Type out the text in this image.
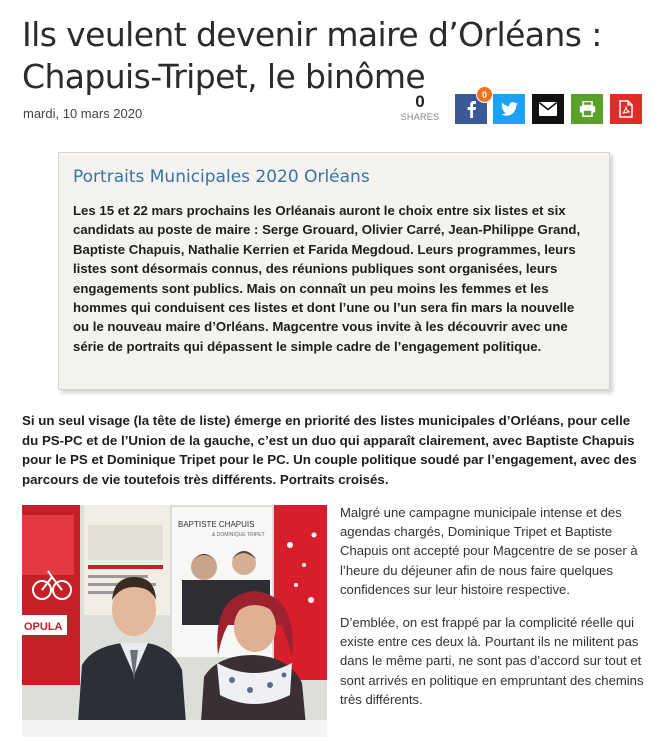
Ils veulent devenir maire d’Orléans : Chapuis-Tripet, le binôme
mardi, 10 mars 2020
0
SHARES
0
Portraits Municipales 2020 Orléans
Les 15 et 22 mars prochains les Orléanais auront le choix entre six listes et six candidats au poste de maire : Serge Grouard, Olivier Carré, Jean-Philippe Grand, Baptiste Chapuis, Nathalie Kerrien et Farida Megdoud. Leurs programmes, leurs listes sont désormais connus, des réunions publiques sont organisées, leurs engagements sont publics. Mais on connaît un peu moins les femmes et les hommes qui conduisent ces listes et dont l’une ou l’un sera fin mars la nouvelle ou le nouveau maire d’Orléans. Magcentre vous invite à les découvrir avec une série de portraits qui dépassent le simple cadre de l’engagement politique.
Si un seul visage (la tête de liste) émerge en priorité des listes municipales d’Orléans, pour celle du PS-PC et de l’Union de la gauche, c’est un duo qui apparaît clairement, avec Baptiste Chapuis pour le PS et Dominique Tripet pour le PC. Un couple politique soudé par l’engagement, avec des parcours de vie toutefois très différents. Portraits croisés.
OPULA
BAPTISTE CHAPUIS
& DOMINIQUE TRIPET

Malgré une campagne municipale intense et des agendas chargés, Dominique Tripet et Baptiste Chapuis ont accepté pour Magcentre de se poser à l’heure du déjeuner afin de nous faire quelques confidences sur leur histoire respective.

D’emblée, on est frappé par la complicité réelle qui existe entre ces deux là. Pourtant ils ne militent pas dans le même parti, ne sont pas d’accord sur tout et sont arrivés en politique en empruntant des chemins très différents.
